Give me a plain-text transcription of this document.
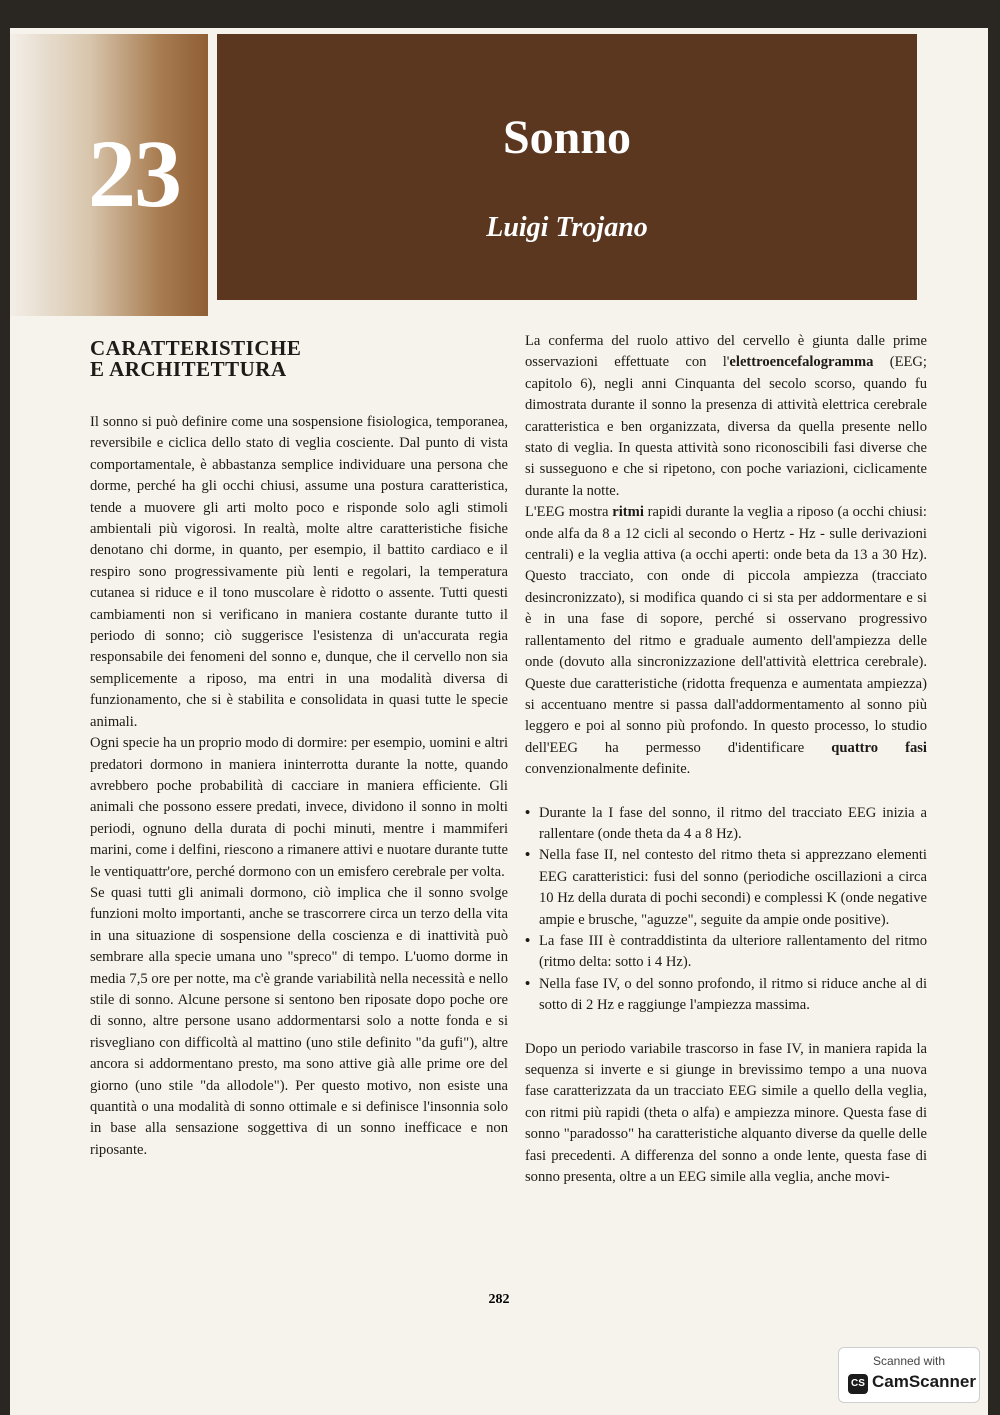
23	Sonno
Luigi Trojano
CARATTERISTICHE
E ARCHITETTURA

Il sonno si può definire come una sospensione fisiologica, temporanea, reversibile e ciclica dello stato di veglia cosciente. Dal punto di vista comportamentale, è abbastanza semplice individuare una persona che dorme, perché ha gli occhi chiusi, assume una postura caratteristica, tende a muovere gli arti molto poco e risponde solo agli stimoli ambientali più vigorosi. In realtà, molte altre caratteristiche fisiche denotano chi dorme, in quanto, per esempio, il battito cardiaco e il respiro sono progressivamente più lenti e regolari, la temperatura cutanea si riduce e il tono muscolare è ridotto o assente. Tutti questi cambiamenti non si verificano in maniera costante durante tutto il periodo di sonno; ciò suggerisce l'esistenza di un'accurata regia responsabile dei fenomeni del sonno e, dunque, che il cervello non sia semplicemente a riposo, ma entri in una modalità diversa di funzionamento, che si è stabilita e consolidata in quasi tutte le specie animali.

Ogni specie ha un proprio modo di dormire: per esempio, uomini e altri predatori dormono in maniera ininterrotta durante la notte, quando avrebbero poche probabilità di cacciare in maniera efficiente. Gli animali che possono essere predati, invece, dividono il sonno in molti periodi, ognuno della durata di pochi minuti, mentre i mammiferi marini, come i delfini, riescono a rimanere attivi e nuotare durante tutte le ventiquattr'ore, perché dormono con un emisfero cerebrale per volta.

Se quasi tutti gli animali dormono, ciò implica che il sonno svolge funzioni molto importanti, anche se trascorrere circa un terzo della vita in una situazione di sospensione della coscienza e di inattività può sembrare alla specie umana uno "spreco" di tempo. L'uomo dorme in media 7,5 ore per notte, ma c'è grande variabilità nella necessità e nello stile di sonno. Alcune persone si sentono ben riposate dopo poche ore di sonno, altre persone usano addormentarsi solo a notte fonda e si risvegliano con difficoltà al mattino (uno stile definito "da gufi"), altre ancora si addormentano presto, ma sono attive già alle prime ore del giorno (uno stile "da allodole"). Per questo motivo, non esiste una quantità o una modalità di sonno ottimale e si definisce l'insonnia solo in base alla sensazione soggettiva di un sonno inefficace e non riposante.

La conferma del ruolo attivo del cervello è giunta dalle prime osservazioni effettuate con l'elettroencefalogramma (EEG; capitolo 6), negli anni Cinquanta del secolo scorso, quando fu dimostrata durante il sonno la presenza di attività elettrica cerebrale caratteristica e ben organizzata, diversa da quella presente nello stato di veglia. In questa attività sono riconoscibili fasi diverse che si susseguono e che si ripetono, con poche variazioni, ciclicamente durante la notte.

L'EEG mostra ritmi rapidi durante la veglia a riposo (a occhi chiusi: onde alfa da 8 a 12 cicli al secondo o Hertz - Hz - sulle derivazioni centrali) e la veglia attiva (a occhi aperti: onde beta da 13 a 30 Hz). Questo tracciato, con onde di piccola ampiezza (tracciato desincronizzato), si modifica quando ci si sta per addormentare e si è in una fase di sopore, perché si osservano progressivo rallentamento del ritmo e graduale aumento dell'ampiezza delle onde (dovuto alla sincronizzazione dell'attività elettrica cerebrale). Queste due caratteristiche (ridotta frequenza e aumentata ampiezza) si accentuano mentre si passa dall'addormentamento al sonno più leggero e poi al sonno più profondo. In questo processo, lo studio dell'EEG ha permesso d'identificare quattro fasi convenzionalmente definite.

• Durante la I fase del sonno, il ritmo del tracciato EEG inizia a rallentare (onde theta da 4 a 8 Hz).
• Nella fase II, nel contesto del ritmo theta si apprezzano elementi EEG caratteristici: fusi del sonno (periodiche oscillazioni a circa 10 Hz della durata di pochi secondi) e complessi K (onde negative ampie e brusche, "aguzze", seguite da ampie onde positive).
• La fase III è contraddistinta da ulteriore rallentamento del ritmo (ritmo delta: sotto i 4 Hz).
• Nella fase IV, o del sonno profondo, il ritmo si riduce anche al di sotto di 2 Hz e raggiunge l'ampiezza massima.

Dopo un periodo variabile trascorso in fase IV, in maniera rapida la sequenza si inverte e si giunge in brevissimo tempo a una nuova fase caratterizzata da un tracciato EEG simile a quello della veglia, con ritmi più rapidi (theta o alfa) e ampiezza minore. Questa fase di sonno "paradosso" ha caratteristiche alquanto diverse da quelle delle fasi precedenti. A differenza del sonno a onde lente, questa fase di sonno presenta, oltre a un EEG simile alla veglia, anche movi-

282
Scanned with
CS CamScanner
